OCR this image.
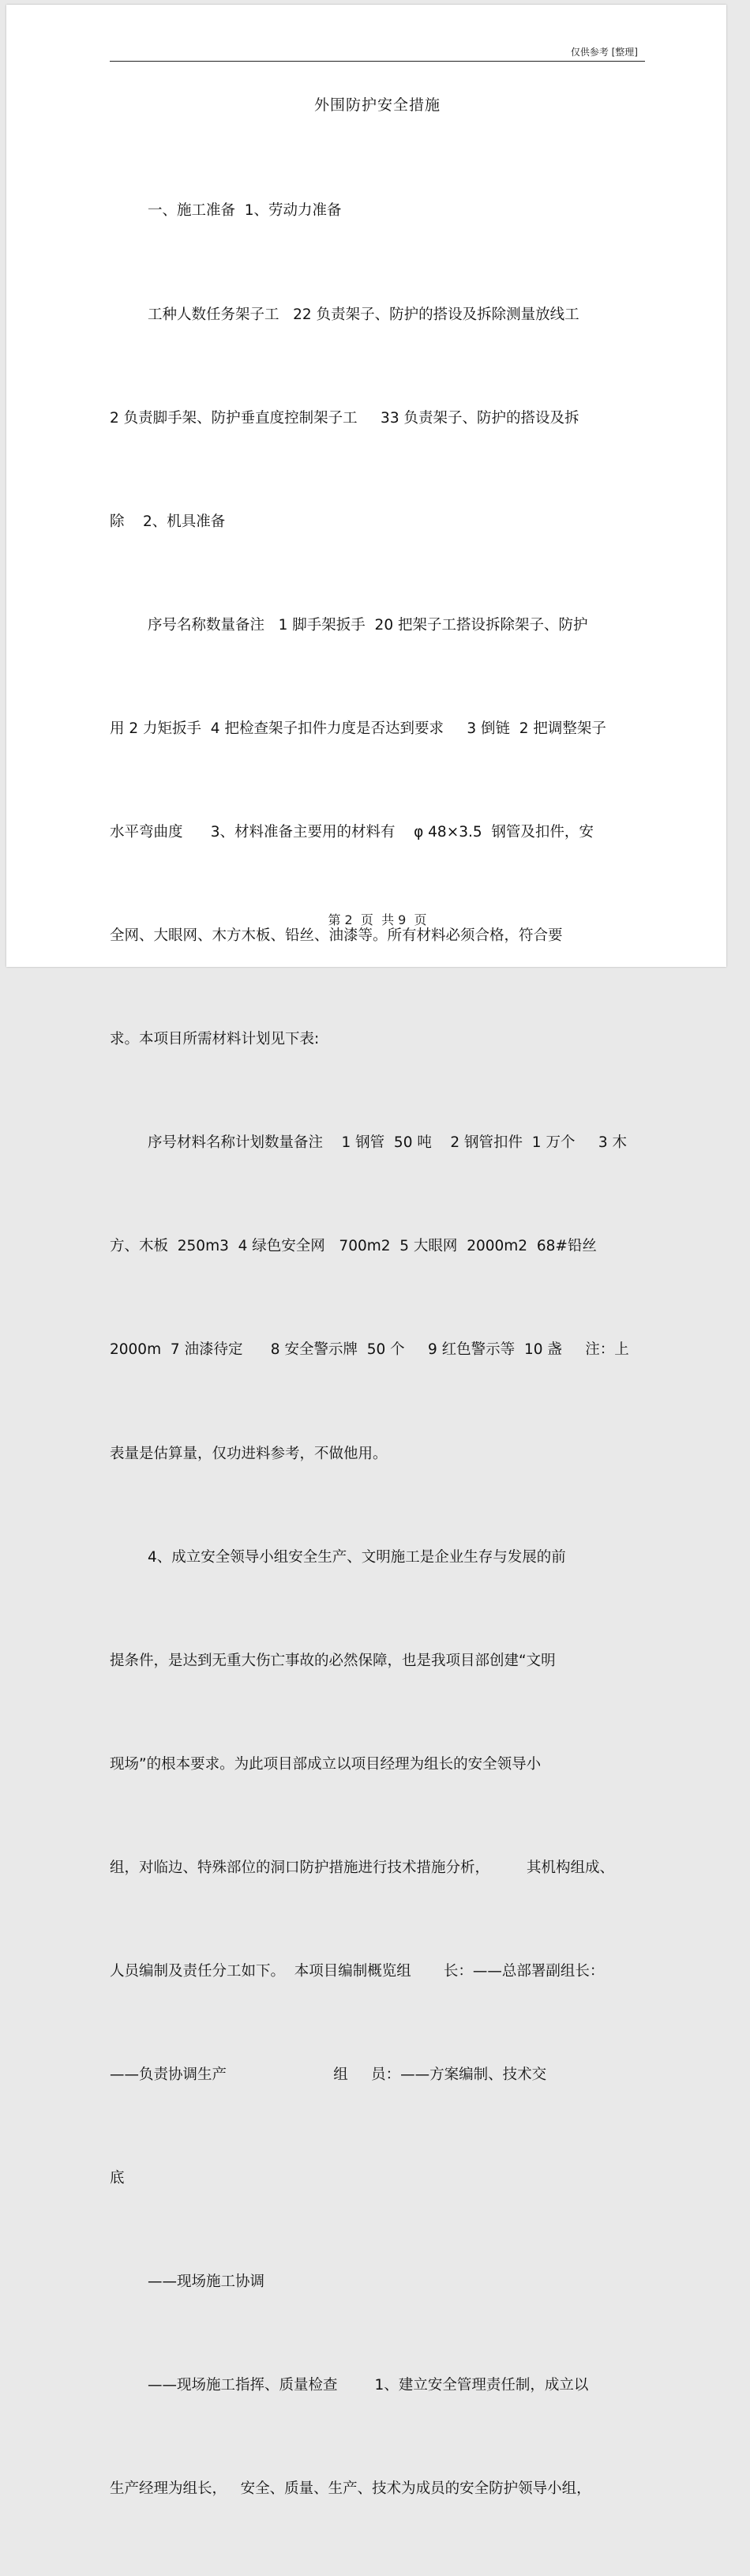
仅供参考 [整理]
外围防护安全措施

一、施工准备  1、劳动力准备

工种人数任务架子工   22 负责架子、防护的搭设及拆除测量放线工

2 负责脚手架、防护垂直度控制架子工     33 负责架子、防护的搭设及拆

除    2、机具准备

序号名称数量备注   1 脚手架扳手  20 把架子工搭设拆除架子、防护

用 2 力矩扳手  4 把检查架子扣件力度是否达到要求     3 倒链  2 把调整架子

水平弯曲度      3、材料准备主要用的材料有    φ 48×3.5  钢管及扣件，安

全网、大眼网、木方木板、铅丝、油漆等。所有材料必须合格，符合要

求。本项目所需材料计划见下表:

序号材料名称计划数量备注    1 钢管  50 吨    2 钢管扣件  1 万个     3 木

方、木板  250m3  4 绿色安全网   700m2  5 大眼网  2000m2  68#铅丝

2000m  7 油漆待定      8 安全警示牌  50 个     9 红色警示等  10 盏     注：上

表量是估算量，仅功进料参考，不做他用。

4、成立安全领导小组安全生产、文明施工是企业生存与发展的前

提条件，是达到无重大伤亡事故的必然保障，也是我项目部创建“文明

现场”的根本要求。为此项目部成立以项目经理为组长的安全领导小

组，对临边、特殊部位的洞口防护措施进行技术措施分析，        其机构组成、

人员编制及责任分工如下。  本项目编制概览组       长：——总部署副组长：

——负责协调生产                       组     员：——方案编制、技术交

底

——现场施工协调

——现场施工指挥、质量检查        1、建立安全管理责任制，成立以

生产经理为组长，   安全、质量、生产、技术为成员的安全防护领导小组，

第 2  页  共 9  页
